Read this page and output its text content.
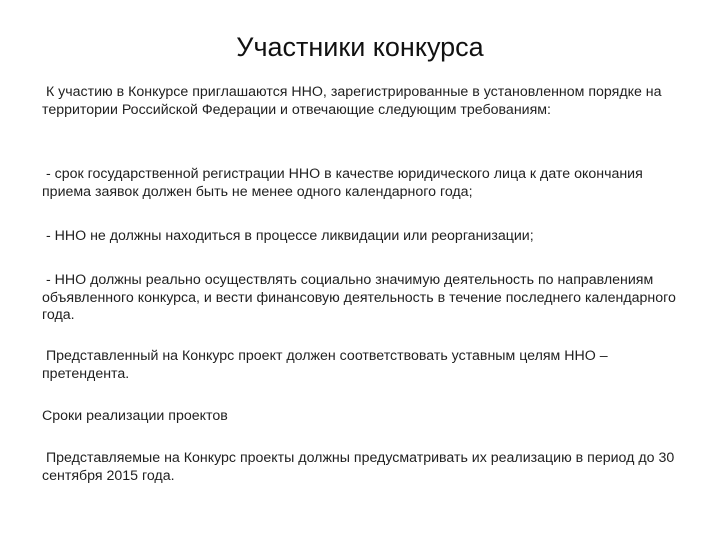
Участники конкурса

К участию в Конкурсе приглашаются ННО, зарегистрированные в установленном порядке на территории Российской Федерации и отвечающие следующим требованиям:

- срок государственной регистрации ННО в качестве юридического лица к дате окончания приема заявок должен быть не менее одного календарного года;

- ННО не должны находиться в процессе ликвидации или реорганизации;

- ННО должны реально осуществлять социально значимую деятельность по направлениям объявленного конкурса, и вести финансовую деятельность в течение последнего календарного года.

Представленный на Конкурс проект должен соответствовать уставным целям ННО – претендента.

Сроки реализации проектов

Представляемые на Конкурс проекты должны предусматривать их реализацию в период до 30 сентября 2015 года.
